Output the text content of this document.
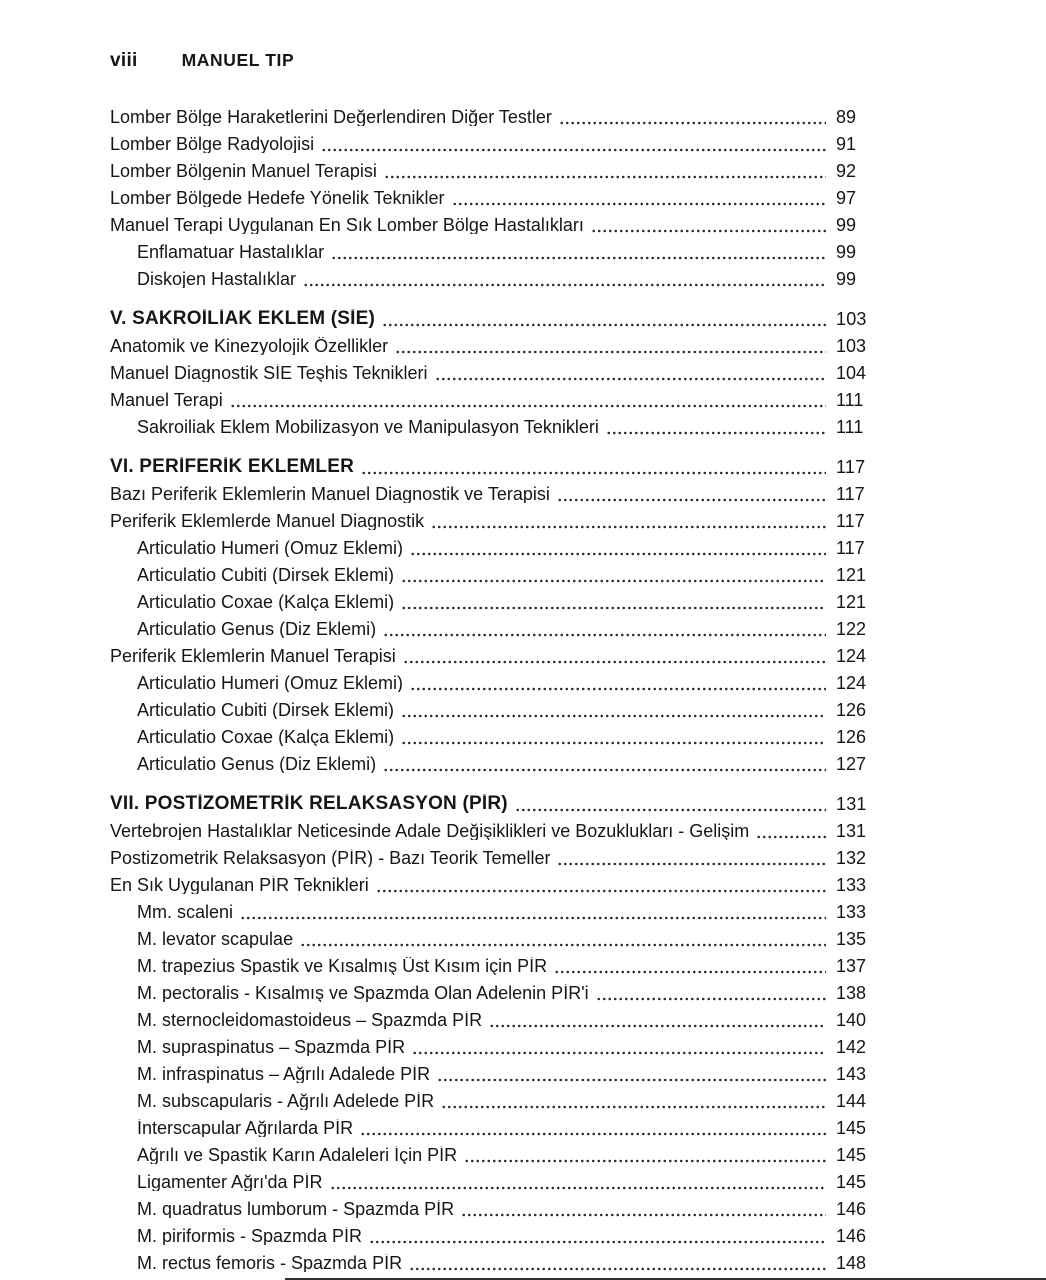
viii	MANUEL TIP
Lomber Bölge Haraketlerini Değerlendiren Diğer Testler	89
Lomber Bölge Radyolojisi	91
Lomber Bölgenin Manuel Terapisi	92
Lomber Bölgede Hedefe Yönelik Teknikler	97
Manuel Terapi Uygulanan En Sık Lomber Bölge Hastalıkları	99
Enflamatuar Hastalıklar	99
Diskojen Hastalıklar	99
V. SAKROİLİAK EKLEM (SİE)	103
Anatomik ve Kinezyolojik Özellikler	103
Manuel Diagnostik SİE Teşhis Teknikleri	104
Manuel Terapi	111
Sakroiliak Eklem Mobilizasyon ve Manipulasyon Teknikleri	111
VI. PERİFERİK EKLEMLER	117
Bazı Periferik Eklemlerin Manuel Diagnostik ve Terapisi	117
Periferik Eklemlerde Manuel Diagnostik	117
Articulatio Humeri (Omuz Eklemi)	117
Articulatio Cubiti (Dirsek Eklemi)	121
Articulatio Coxae (Kalça Eklemi)	121
Articulatio Genus (Diz Eklemi)	122
Periferik Eklemlerin Manuel Terapisi	124
Articulatio Humeri (Omuz Eklemi)	124
Articulatio Cubiti (Dirsek Eklemi)	126
Articulatio Coxae (Kalça Eklemi)	126
Articulatio Genus (Diz Eklemi)	127
VII. POSTİZOMETRİK RELAKSASYON (PİR)	131
Vertebrojen Hastalıklar Neticesinde Adale Değişiklikleri ve Bozuklukları - Gelişim	131
Postizometrik Relaksasyon (PİR) - Bazı Teorik Temeller	132
En Sık Uygulanan PİR Teknikleri	133
Mm. scaleni	133
M. levator scapulae	135
M. trapezius Spastik ve Kısalmış Üst Kısım için PİR	137
M. pectoralis - Kısalmış ve Spazmda Olan Adelenin PİR'i	138
M. sternocleidomastoideus – Spazmda PİR	140
M. supraspinatus – Spazmda PİR	142
M. infraspinatus – Ağrılı Adalede PİR	143
M. subscapularis - Ağrılı Adelede PİR	144
İnterscapular Ağrılarda PİR	145
Ağrılı ve Spastik Karın Adaleleri İçin PİR	145
Ligamenter Ağrı'da PİR	145
M. quadratus lumborum - Spazmda PİR	146
M. piriformis - Spazmda PİR	146
M. rectus femoris - Spazmda PİR	148
